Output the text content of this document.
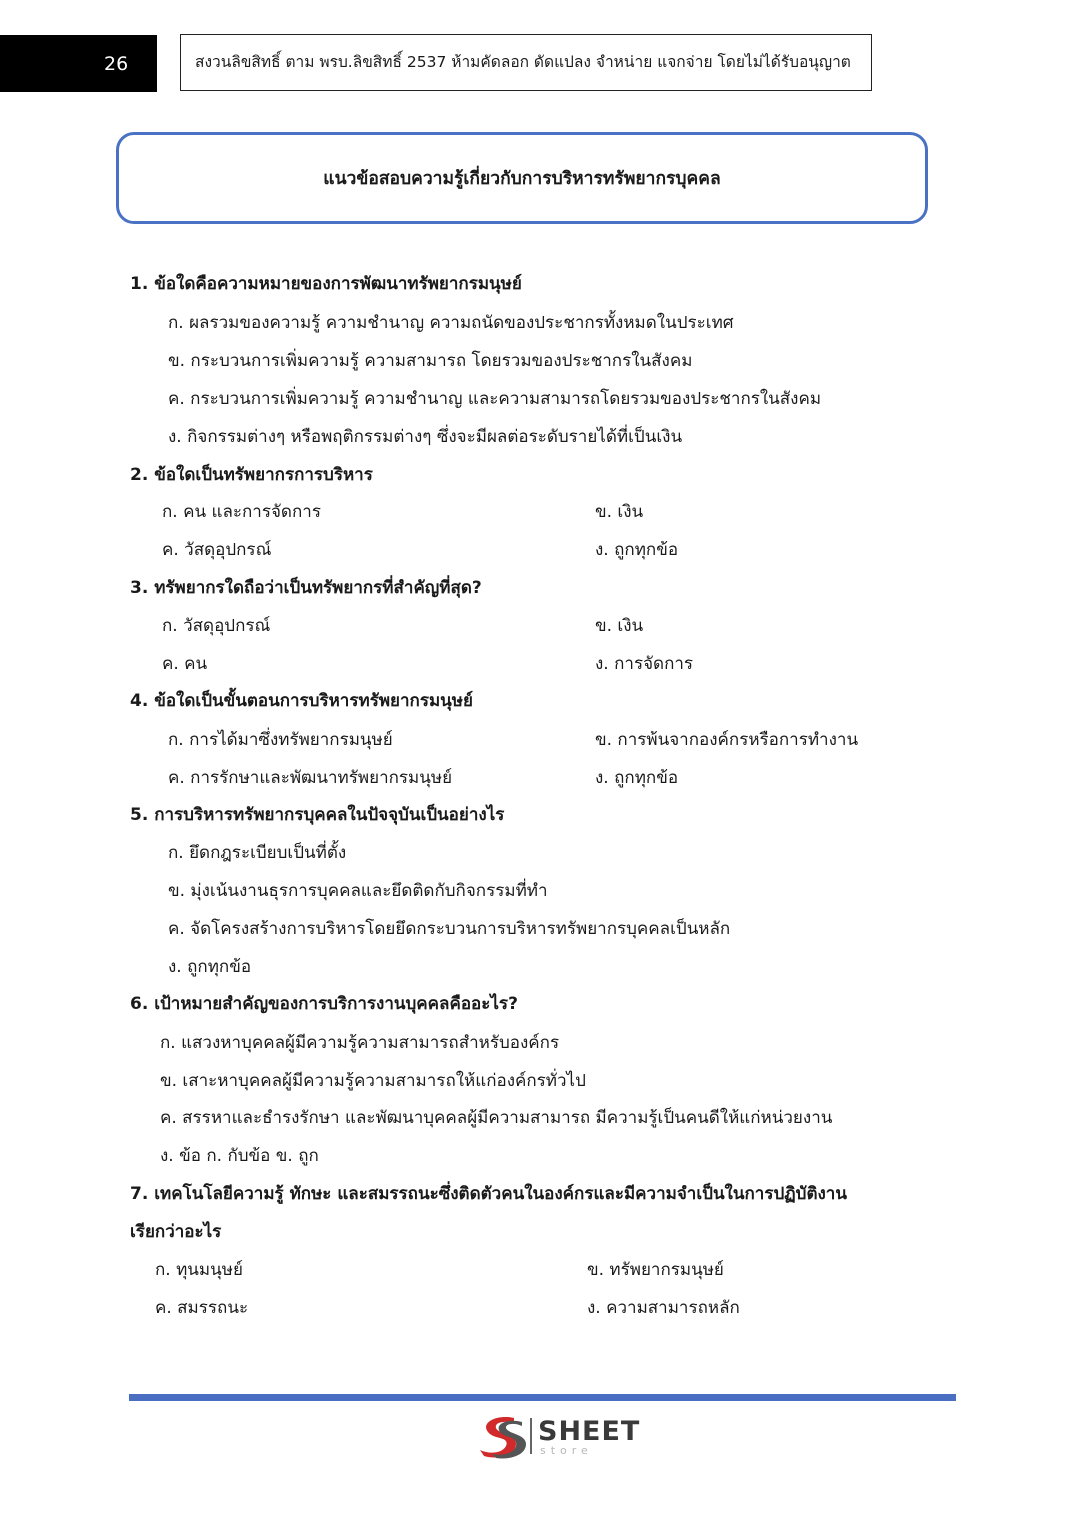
26	สงวนลิขสิทธิ์ ตาม พรบ.ลิขสิทธิ์ 2537 ห้ามคัดลอก ดัดแปลง จำหน่าย แจกจ่าย โดยไม่ได้รับอนุญาต
แนวข้อสอบความรู้เกี่ยวกับการบริหารทรัพยากรบุคคล
1. ข้อใดคือความหมายของการพัฒนาทรัพยากรมนุษย์
ก. ผลรวมของความรู้ ความชำนาญ ความถนัดของประชากรทั้งหมดในประเทศ
ข. กระบวนการเพิ่มความรู้ ความสามารถ โดยรวมของประชากรในสังคม
ค. กระบวนการเพิ่มความรู้ ความชำนาญ และความสามารถโดยรวมของประชากรในสังคม
ง. กิจกรรมต่างๆ หรือพฤติกรรมต่างๆ ซึ่งจะมีผลต่อระดับรายได้ที่เป็นเงิน
2. ข้อใดเป็นทรัพยากรการบริหาร
ก. คน และการจัดการ	ข. เงิน
ค. วัสดุอุปกรณ์	ง. ถูกทุกข้อ
3. ทรัพยากรใดถือว่าเป็นทรัพยากรที่สำคัญที่สุด?
ก. วัสดุอุปกรณ์	ข. เงิน
ค. คน	ง. การจัดการ
4. ข้อใดเป็นขั้นตอนการบริหารทรัพยากรมนุษย์
ก. การได้มาซึ่งทรัพยากรมนุษย์	ข. การพ้นจากองค์กรหรือการทำงาน
ค. การรักษาและพัฒนาทรัพยากรมนุษย์	ง. ถูกทุกข้อ
5. การบริหารทรัพยากรบุคคลในปัจจุบันเป็นอย่างไร
ก. ยึดกฎระเบียบเป็นที่ตั้ง
ข. มุ่งเน้นงานธุรการบุคคลและยึดติดกับกิจกรรมที่ทำ
ค. จัดโครงสร้างการบริหารโดยยึดกระบวนการบริหารทรัพยากรบุคคลเป็นหลัก
ง. ถูกทุกข้อ
6. เป้าหมายสำคัญของการบริการงานบุคคลคืออะไร?
ก. แสวงหาบุคคลผู้มีความรู้ความสามารถสำหรับองค์กร
ข. เสาะหาบุคคลผู้มีความรู้ความสามารถให้แก่องค์กรทั่วไป
ค. สรรหาและธำรงรักษา และพัฒนาบุคคลผู้มีความสามารถ มีความรู้เป็นคนดีให้แก่หน่วยงาน
ง. ข้อ ก. กับข้อ ข. ถูก
7. เทคโนโลยีความรู้ ทักษะ และสมรรถนะซึ่งติดตัวคนในองค์กรและมีความจำเป็นในการปฏิบัติงาน
เรียกว่าอะไร
ก. ทุนมนุษย์	ข. ทรัพยากรมนุษย์
ค. สมรรถนะ	ง. ความสามารถหลัก
SHEET
store
